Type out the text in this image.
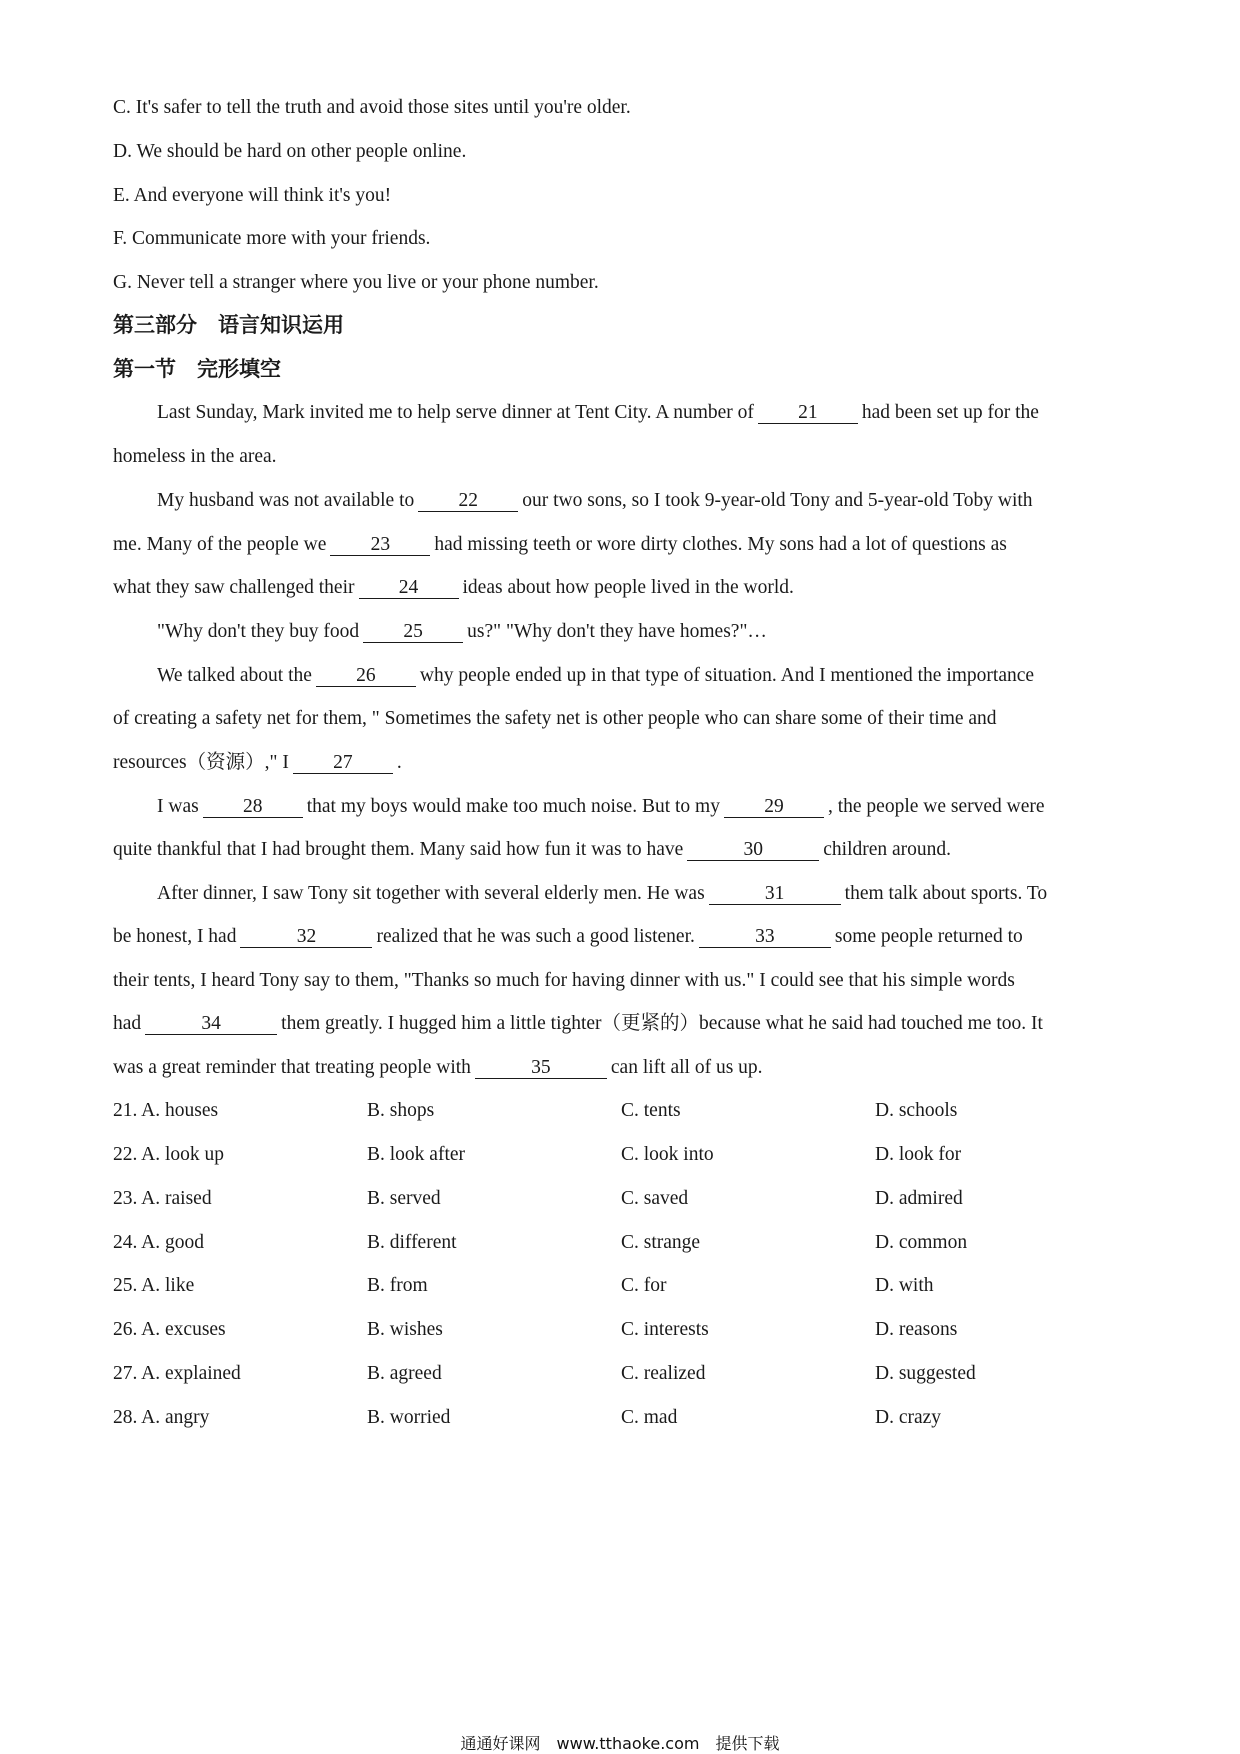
C. It's safer to tell the truth and avoid those sites until you're older.
D. We should be hard on other people online.
E. And everyone will think it's you!
F. Communicate more with your friends.
G. Never tell a stranger where you live or your phone number.
第三部分　语言知识运用
第一节　完形填空
Last Sunday, Mark invited me to help serve dinner at Tent City. A number of 21 had been set up for the
homeless in the area.
My husband was not available to 22 our two sons, so I took 9-year-old Tony and 5-year-old Toby with
me. Many of the people we 23 had missing teeth or wore dirty clothes. My sons had a lot of questions as
what they saw challenged their 24 ideas about how people lived in the world.
"Why don't they buy food 25 us?" "Why don't they have homes?"…
We talked about the 26 why people ended up in that type of situation. And I mentioned the importance
of creating a safety net for them, " Sometimes the safety net is other people who can share some of their time and
resources（资源）," I 27 .
I was 28 that my boys would make too much noise. But to my 29 , the people we served were
quite thankful that I had brought them. Many said how fun it was to have	30	children around.
After dinner, I saw Tony sit together with several elderly men. He was	31	them talk about sports. To
be honest, I had	32	realized that he was such a good listener.	33	some people returned to
their tents, I heard Tony say to them, "Thanks so much for having dinner with us." I could see that his simple words
had	34	them greatly. I hugged him a little tighter（更紧的）because what he said had touched me too. It
was a great reminder that treating people with	35	can lift all of us up.
21. A. houses	B. shops	C. tents	D. schools
22. A. look up	B. look after	C. look into	D. look for
23. A. raised	B. served	C. saved	D. admired
24. A. good	B. different	C. strange	D. common
25. A. like	B. from	C. for	D. with
26. A. excuses	B. wishes	C. interests	D. reasons
27. A. explained	B. agreed	C. realized	D. suggested
28. A. angry	B. worried	C. mad	D. crazy
通通好课网　www.tthaoke.com　提供下载
